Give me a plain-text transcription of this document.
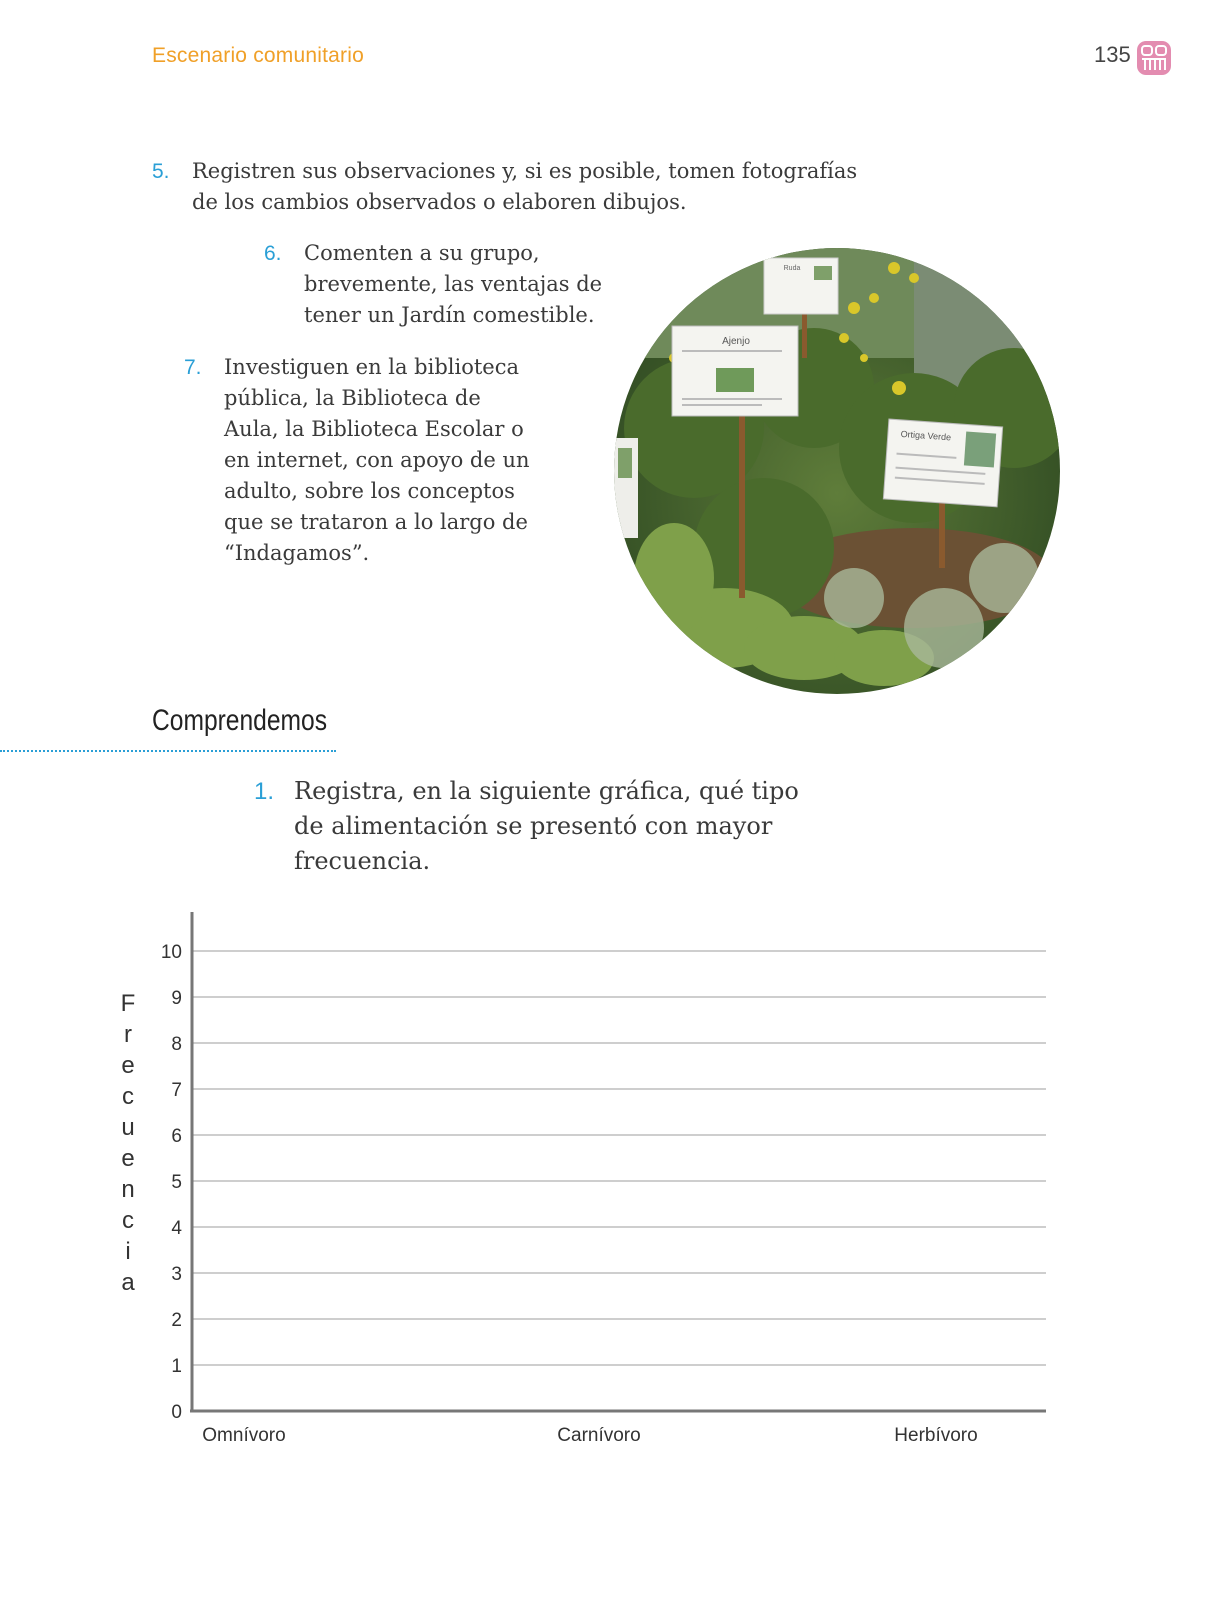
Escenario comunitario	135
5. Registren sus observaciones y, si es posible, tomen fotografías
de los cambios observados o elaboren dibujos.
6. Comenten a su grupo,
brevemente, las ventajas de
tener un Jardín comestible.
7. Investiguen en la biblioteca
pública, la Biblioteca de
Aula, la Biblioteca Escolar o
en internet, con apoyo de un
adulto, sobre los conceptos
que se trataron a lo largo de
“Indagamos”.
Ruda
Ajenjo
Ortiga Verde
Comprendemos
1. Registra, en la siguiente gráfica, qué tipo
de alimentación se presentó con mayor
frecuencia.
F
r
e
c
u
e
n
c
i
a
0
1
2
3
4
5
6
7
8
9
10
Omnívoro	Carnívoro	Herbívoro
